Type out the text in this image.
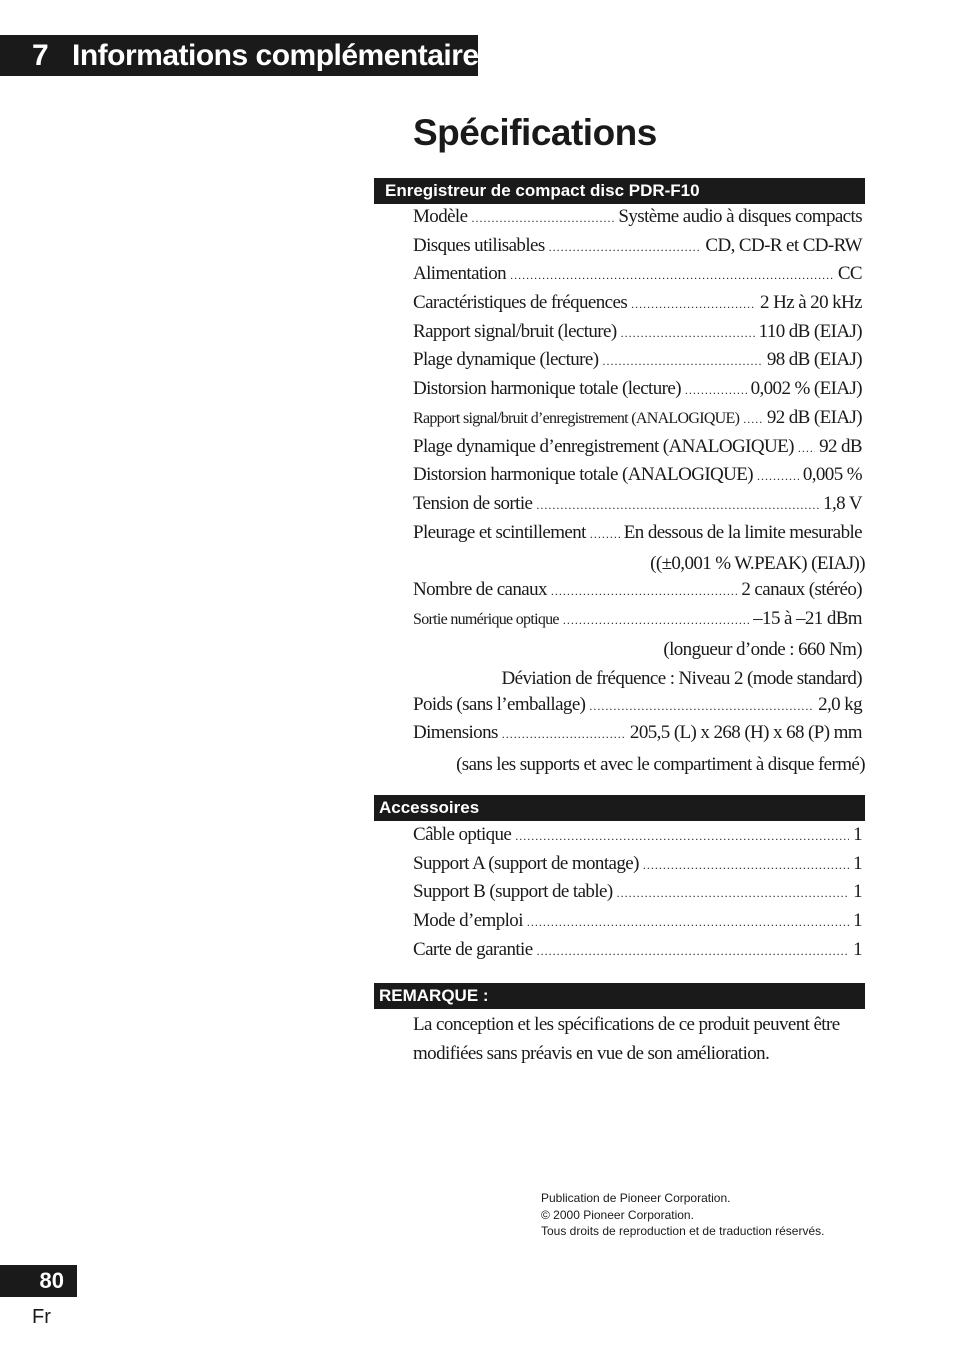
7 Informations complémentaires
Spécifications
Enregistreur de compact disc PDR-F10
Modèle .....	Système audio à disques compacts
Disques utilisables .....	CD, CD-R et CD-RW
Alimentation .....	CC
Caractéristiques de fréquences .....	2 Hz à 20 kHz
Rapport signal/bruit (lecture) .....	110 dB (EIAJ)
Plage dynamique (lecture) .....	98 dB (EIAJ)
Distorsion harmonique totale (lecture) .....	0,002 % (EIAJ)
Rapport signal/bruit d’enregistrement (ANALOGIQUE) ..... 92 dB (EIAJ)
Plage dynamique d’enregistrement (ANALOGIQUE) ..... 92 dB
Distorsion harmonique totale (ANALOGIQUE) .....	0,005 %
Tension de sortie .....	1,8 V
Pleurage et scintillement ..... En dessous de la limite mesurable
((±0,001 % W.PEAK) (EIAJ))
Nombre de canaux .....	2 canaux (stéréo)
Sortie numérique optique .....	–15 à –21 dBm
(longueur d’onde : 660 Nm)
Déviation de fréquence : Niveau 2 (mode standard)
Poids (sans l’emballage) .....	2,0 kg
Dimensions .....	205,5 (L) x 268 (H) x 68 (P) mm
(sans les supports et avec le compartiment à disque fermé)
Accessoires
Câble optique .....	1
Support A (support de montage) .....	1
Support B (support de table) .....	1
Mode d’emploi .....	1
Carte de garantie .....	1
REMARQUE :

La conception et les spécifications de ce produit peuvent être modifiées sans préavis en vue de son amélioration.

Publication de Pioneer Corporation.
© 2000 Pioneer Corporation.
Tous droits de reproduction et de traduction réservés.

80
Fr
